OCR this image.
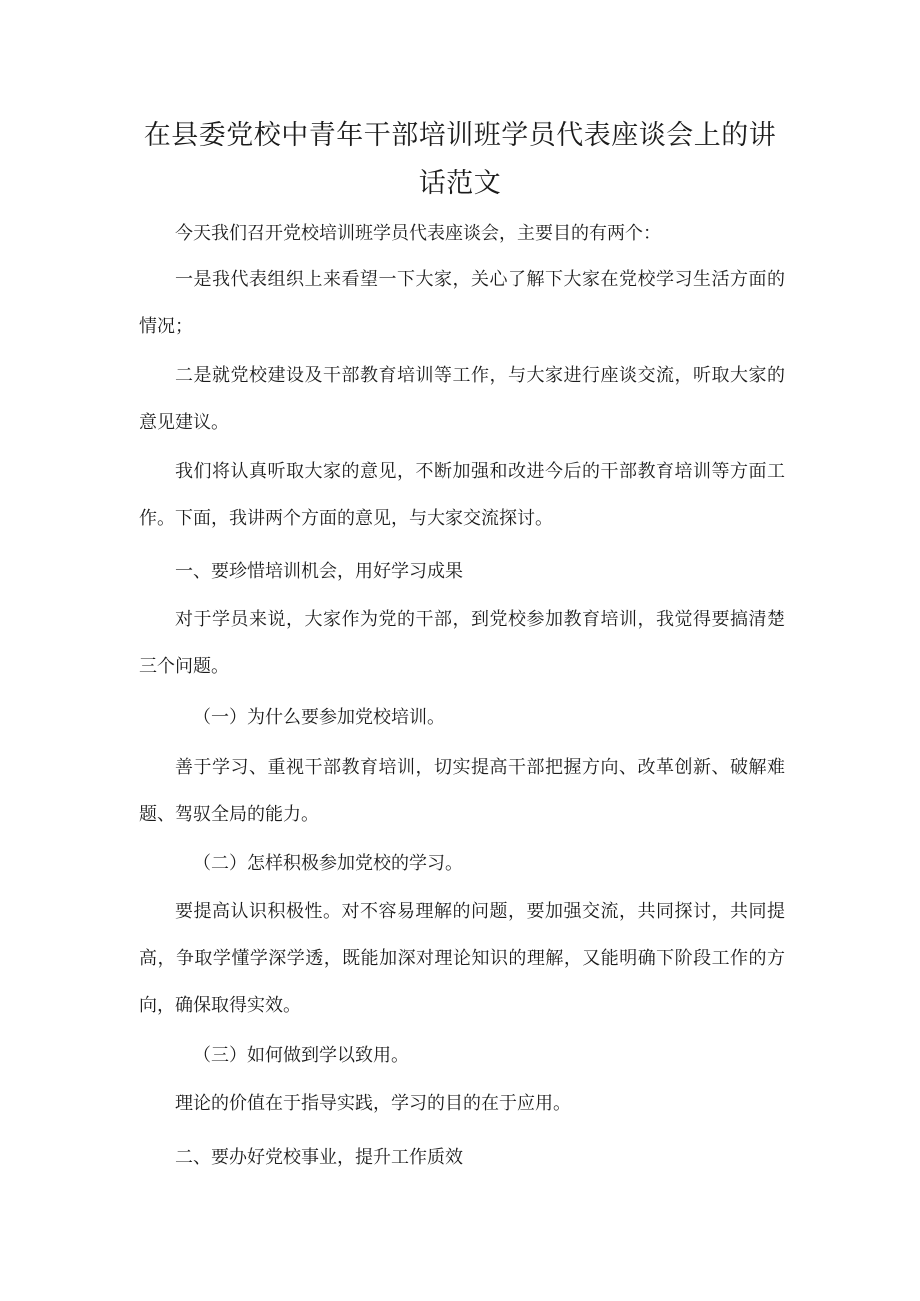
在县委党校中青年干部培训班学员代表座谈会上的讲话范文
今天我们召开党校培训班学员代表座谈会，主要目的有两个：
一是我代表组织上来看望一下大家，关心了解下大家在党校学习生活方面的情况；
二是就党校建设及干部教育培训等工作，与大家进行座谈交流，听取大家的意见建议。
我们将认真听取大家的意见，不断加强和改进今后的干部教育培训等方面工作。下面，我讲两个方面的意见，与大家交流探讨。
一、要珍惜培训机会，用好学习成果
对于学员来说，大家作为党的干部，到党校参加教育培训，我觉得要搞清楚三个问题。
（一）为什么要参加党校培训。
善于学习、重视干部教育培训，切实提高干部把握方向、改革创新、破解难题、驾驭全局的能力。
（二）怎样积极参加党校的学习。
要提高认识积极性。对不容易理解的问题，要加强交流，共同探讨，共同提高，争取学懂学深学透，既能加深对理论知识的理解，又能明确下阶段工作的方向，确保取得实效。
（三）如何做到学以致用。
理论的价值在于指导实践，学习的目的在于应用。
二、要办好党校事业，提升工作质效
